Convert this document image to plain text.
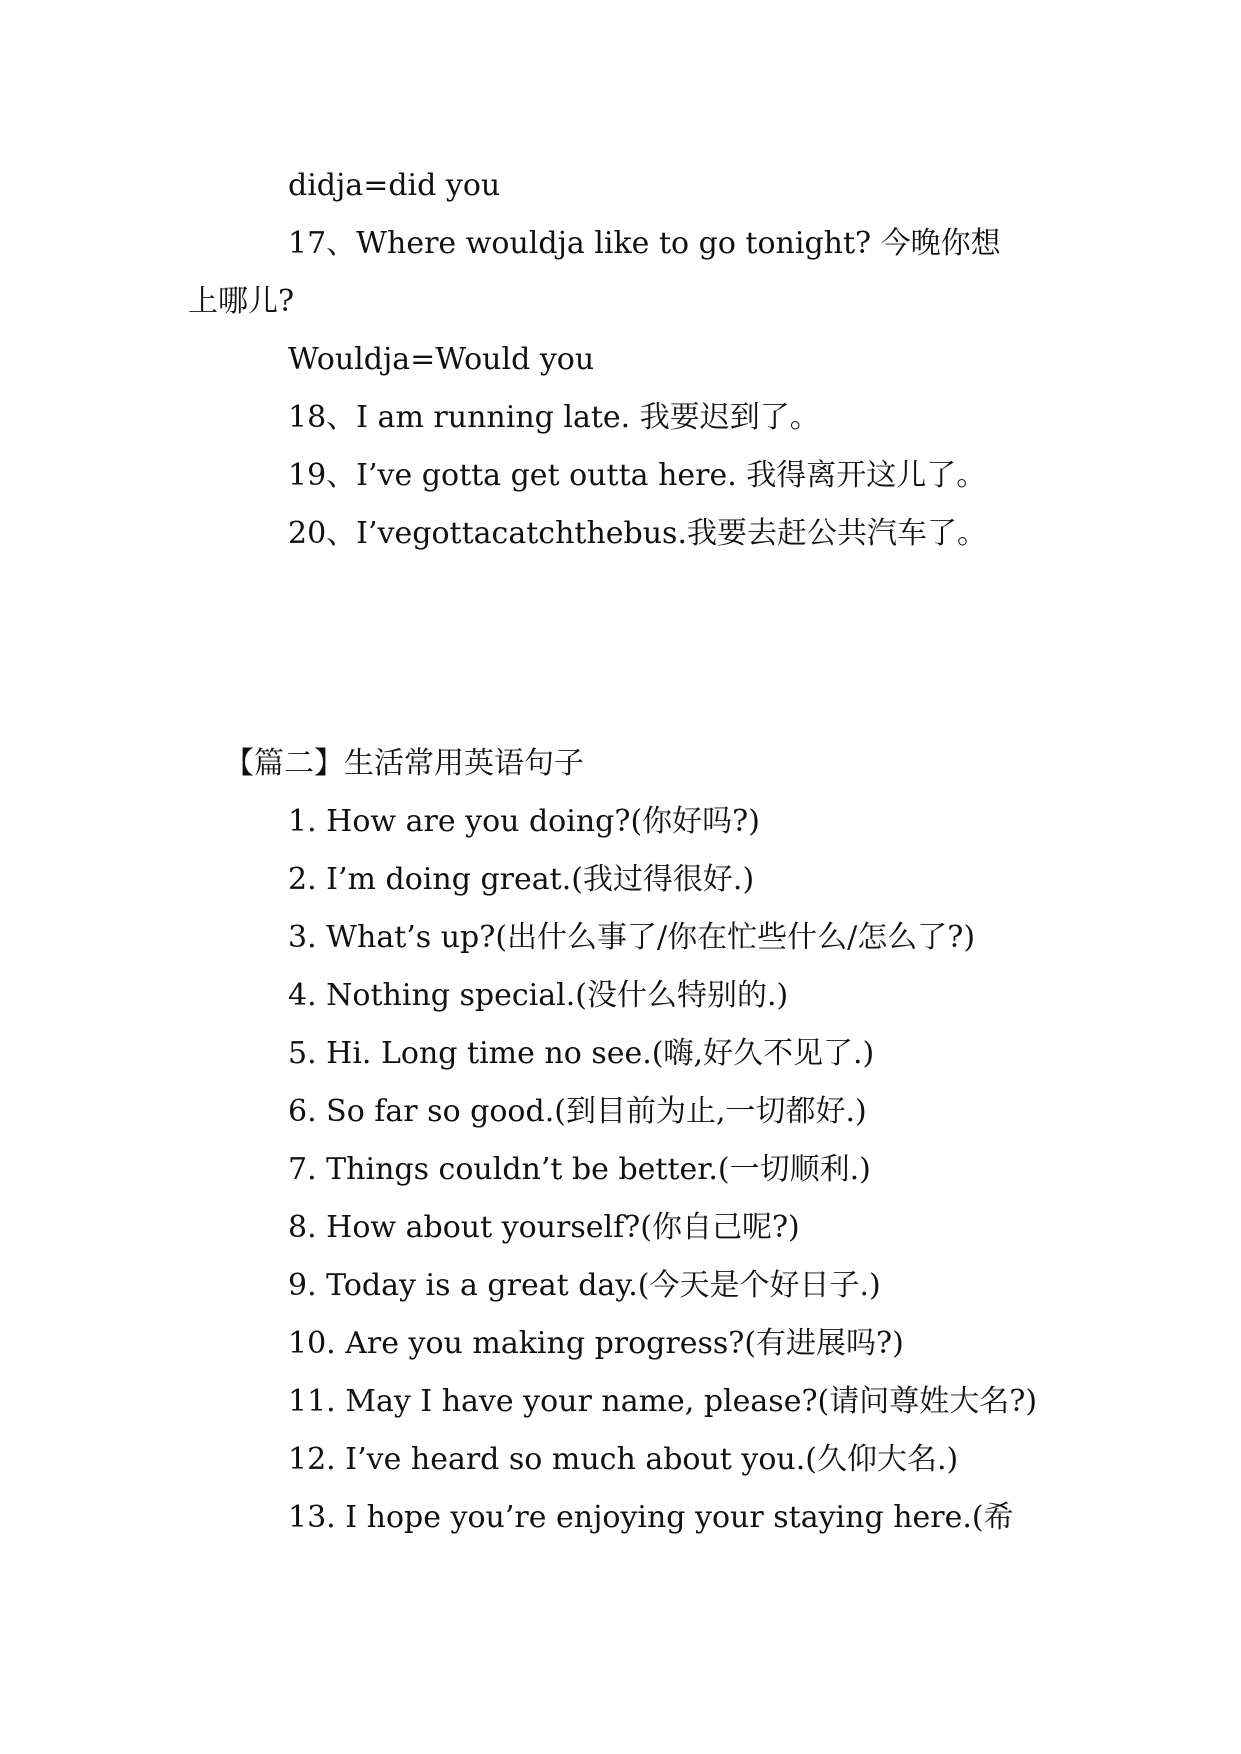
didja=did you

17、Where wouldja like to go tonight? 今晚你想

上哪儿?

Wouldja=Would you

18、I am running late. 我要迟到了。

19、I’ve gotta get outta here. 我得离开这儿了。

20、I’vegottacatchthebus.我要去赶公共汽车了。

【篇二】生活常用英语句子

1. How are you doing?(你好吗?)

2. I’m doing great.(我过得很好.)

3. What’s up?(出什么事了/你在忙些什么/怎么了?)

4. Nothing special.(没什么特别的.)

5. Hi. Long time no see.(嗨,好久不见了.)

6. So far so good.(到目前为止,一切都好.)

7. Things couldn’t be better.(一切顺利.)

8. How about yourself?(你自己呢?)

9. Today is a great day.(今天是个好日子.)

10. Are you making progress?(有进展吗?)

11. May I have your name, please?(请问尊姓大名?)

12. I’ve heard so much about you.(久仰大名.)

13. I hope you’re enjoying your staying here.(希
